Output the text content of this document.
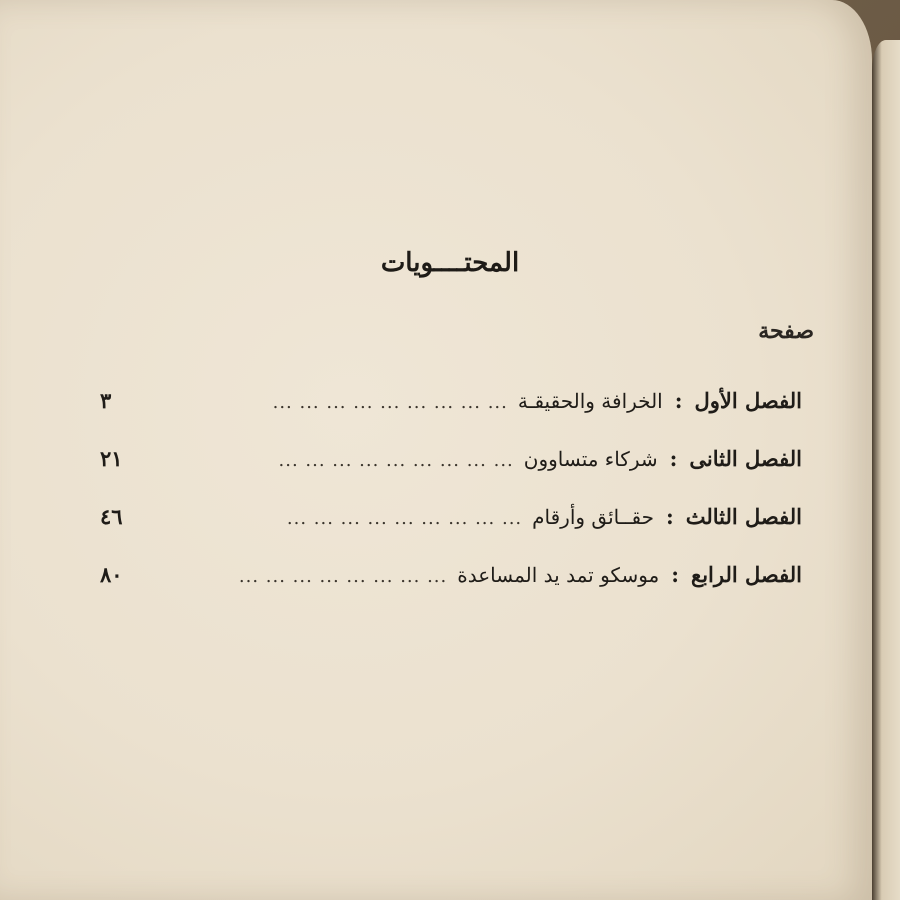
المحتــــويات
صفحة
الفصل الأول
:
الخرافة والحقيقـة
... ... ... ... ... ... ... ... ...
٣
الفصل الثانى
:
شركاء متساوون
... ... ... ... ... ... ... ... ...
٢١
الفصل الثالث
:
حقــائق وأرقام
... ... ... ... ... ... ... ... ...
٤٦
الفصل الرابع
:
موسكو تمد يد المساعدة
... ... ... ... ... ... ... ...
٨٠
